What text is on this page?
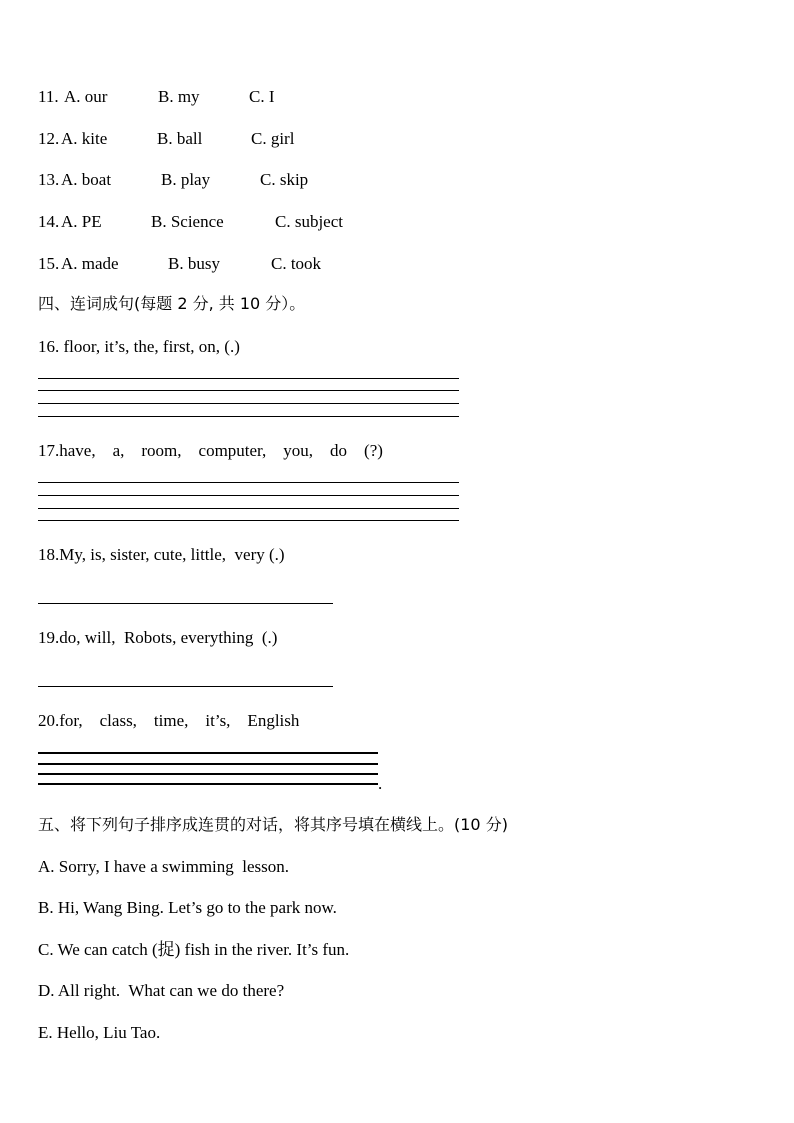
11. A. our	B. my	C. I
12. A. kite	B. ball	C. girl
13. A. boat	B. play	C. skip
14. A. PE	B. Science	C. subject
15. A. made	B. busy	C. took
四、连词成句(每题 2 分, 共 10 分）。
16. floor, it’s, the, first, on, (.)
17.have,    a,    room,    computer,    you,    do    (?)
18.My, is, sister, cute, little,  very (.)
19.do, will,  Robots, everything  (.)
20.for,    class,    time,    it’s,    English
.
五、将下列句子排序成连贯的对话，将其序号填在横线上。(10 分)
A. Sorry, I have a swimming  lesson.
B. Hi, Wang Bing. Let’s go to the park now.
C. We can catch (捉) fish in the river. It’s fun.
D. All right.  What can we do there?
E. Hello, Liu Tao.
